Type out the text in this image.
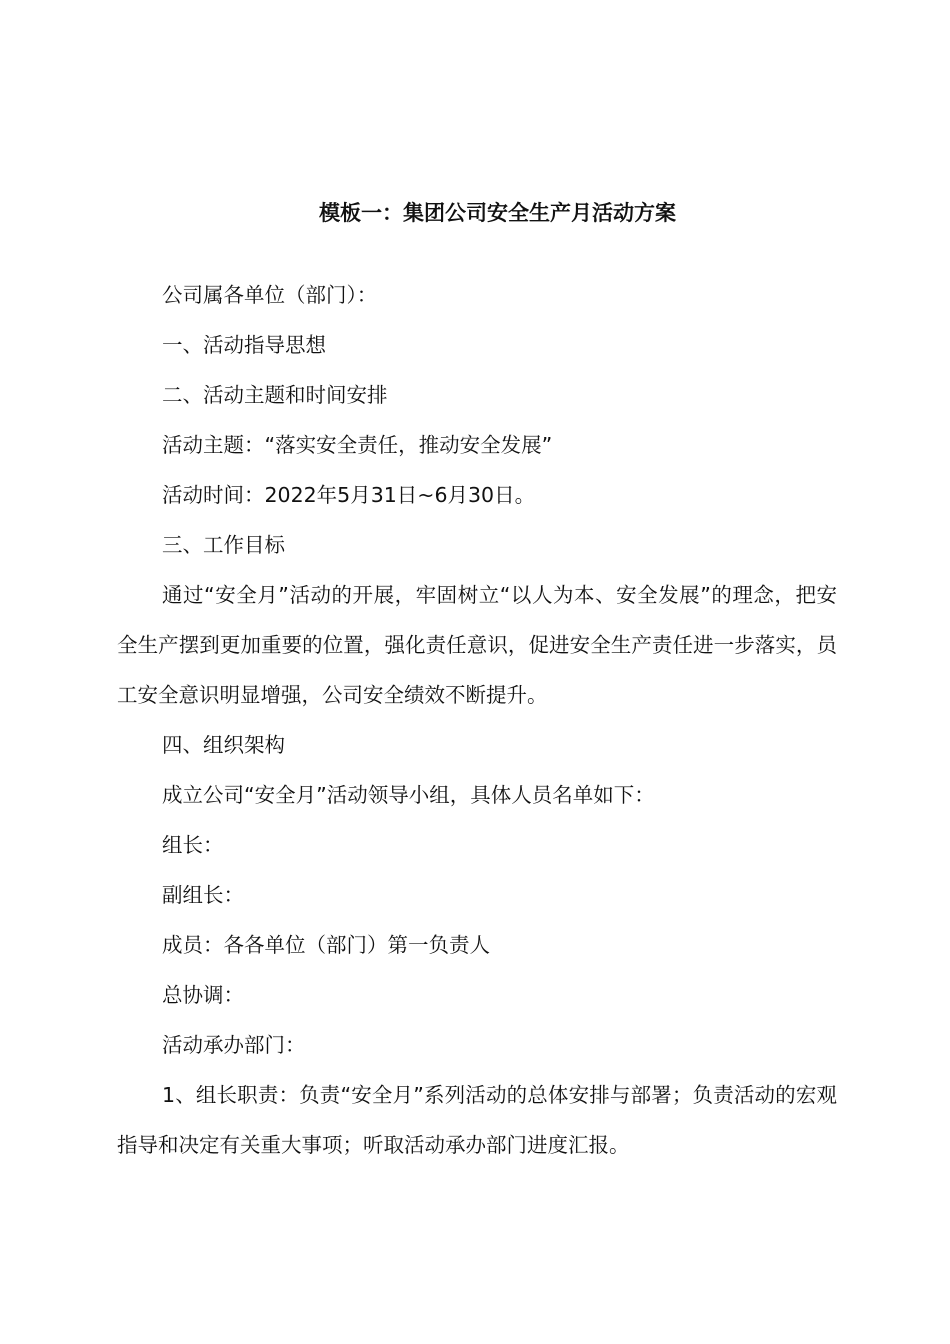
模板一：集团公司安全生产月活动方案

公司属各单位（部门）：

一、活动指导思想

二、活动主题和时间安排

活动主题：“落实安全责任，推动安全发展”

活动时间：2022年5月31日~6月30日。

三、工作目标

通过“安全月”活动的开展，牢固树立“以人为本、安全发展”的理念，把安全生产摆到更加重要的位置，强化责任意识，促进安全生产责任进一步落实，员工安全意识明显增强，公司安全绩效不断提升。

四、组织架构

成立公司“安全月”活动领导小组，具体人员名单如下：

组长：

副组长：

成员：各各单位（部门）第一负责人

总协调：

活动承办部门：

1、组长职责：负责“安全月”系列活动的总体安排与部署；负责活动的宏观指导和决定有关重大事项；听取活动承办部门进度汇报。
